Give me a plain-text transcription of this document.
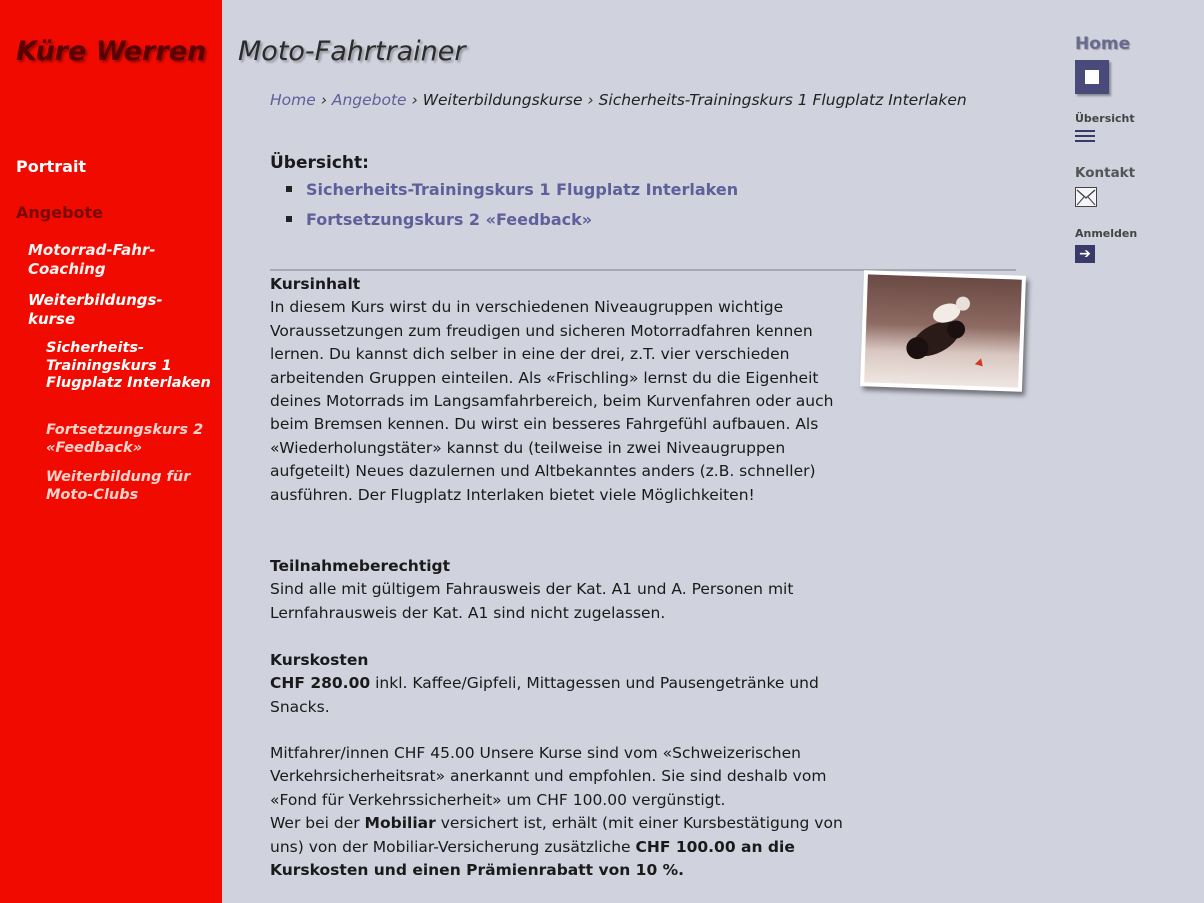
Küre Werren Moto-Fahrtrainer
Portrait
Angebote
Motorrad-Fahr-Coaching
Weiterbildungs-kurse
Sicherheits-Trainingskurs 1 Flugplatz Interlaken
Fortsetzungskurs 2 «Feedback»
Weiterbildung für Moto-Clubs
Home › Angebote › Weiterbildungskurse › Sicherheits-Trainingskurs 1 Flugplatz Interlaken
Übersicht:
Sicherheits-Trainingskurs 1 Flugplatz Interlaken
Fortsetzungskurs 2 «Feedback»
Kursinhalt

In diesem Kurs wirst du in verschiedenen Niveaugruppen wichtige Voraussetzungen zum freudigen und sicheren Motorradfahren kennen lernen. Du kannst dich selber in eine der drei, z.T. vier verschieden arbeitenden Gruppen einteilen. Als «Frischling» lernst du die Eigenheit deines Motorrads im Langsamfahrbereich, beim Kurvenfahren oder auch beim Bremsen kennen. Du wirst ein besseres Fahrgefühl aufbauen. Als «Wiederholungstäter» kannst du (teilweise in zwei Niveaugruppen aufgeteilt) Neues dazulernen und Altbekanntes anders (z.B. schneller) ausführen. Der Flugplatz Interlaken bietet viele Möglichkeiten!

Teilnahmeberechtigt

Sind alle mit gültigem Fahrausweis der Kat. A1 und A. Personen mit Lernfahrausweis der Kat. A1 sind nicht zugelassen.

Kurskosten

CHF 280.00 inkl. Kaffee/Gipfeli, Mittagessen und Pausengetränke und Snacks.

Mitfahrer/innen CHF 45.00 Unsere Kurse sind vom «Schweizerischen Verkehrsicherheitsrat» anerkannt und empfohlen. Sie sind deshalb vom «Fond für Verkehrssicherheit» um CHF 100.00 vergünstigt.

Wer bei der Mobiliar versichert ist, erhält (mit einer Kursbestätigung von uns) von der Mobiliar-Versicherung zusätzliche CHF 100.00 an die Kurskosten und einen Prämienrabatt von 10 %.

Home
Übersicht
Kontakt
Anmelden
➔
